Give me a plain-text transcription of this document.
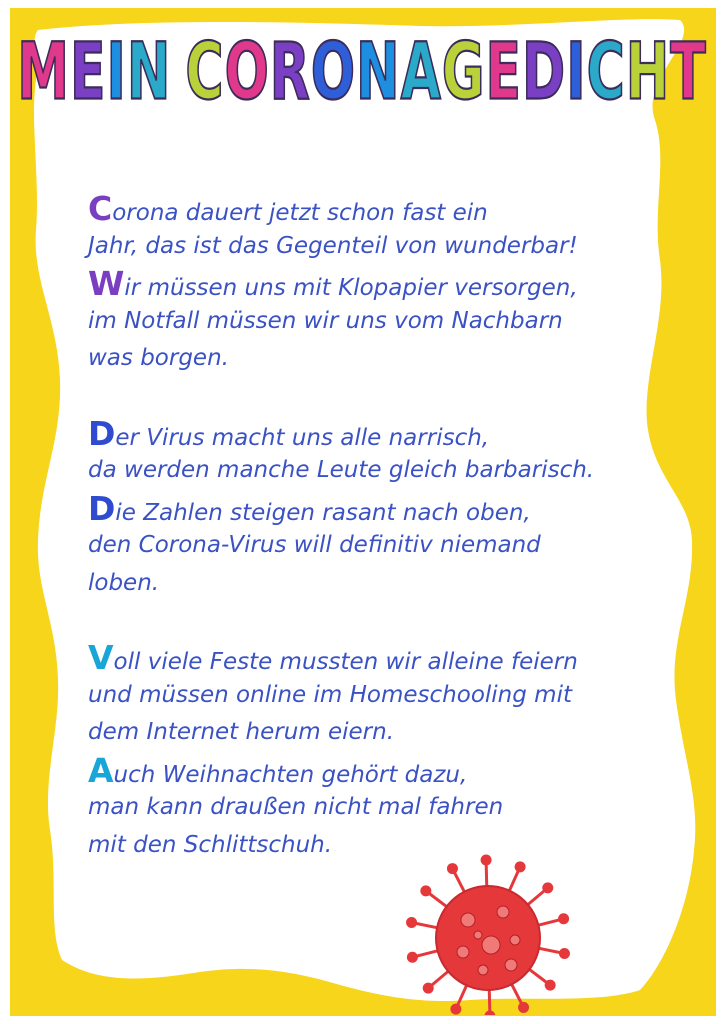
MEIN CORONAGEDICHT
Corona dauert jetzt schon fast ein
Jahr, das ist das Gegenteil von wunderbar!
Wir müssen uns mit Klopapier versorgen,
im Notfall müssen wir uns vom Nachbarn
was borgen.
Der Virus macht uns alle narrisch,
da werden manche Leute gleich barbarisch.
Die Zahlen steigen rasant nach oben,
den Corona-Virus will definitiv niemand
loben.
Voll viele Feste mussten wir alleine feiern
und müssen online im Homeschooling mit
dem Internet herum eiern.
Auch Weihnachten gehört dazu,
man kann draußen nicht mal fahren
mit den Schlittschuh.
